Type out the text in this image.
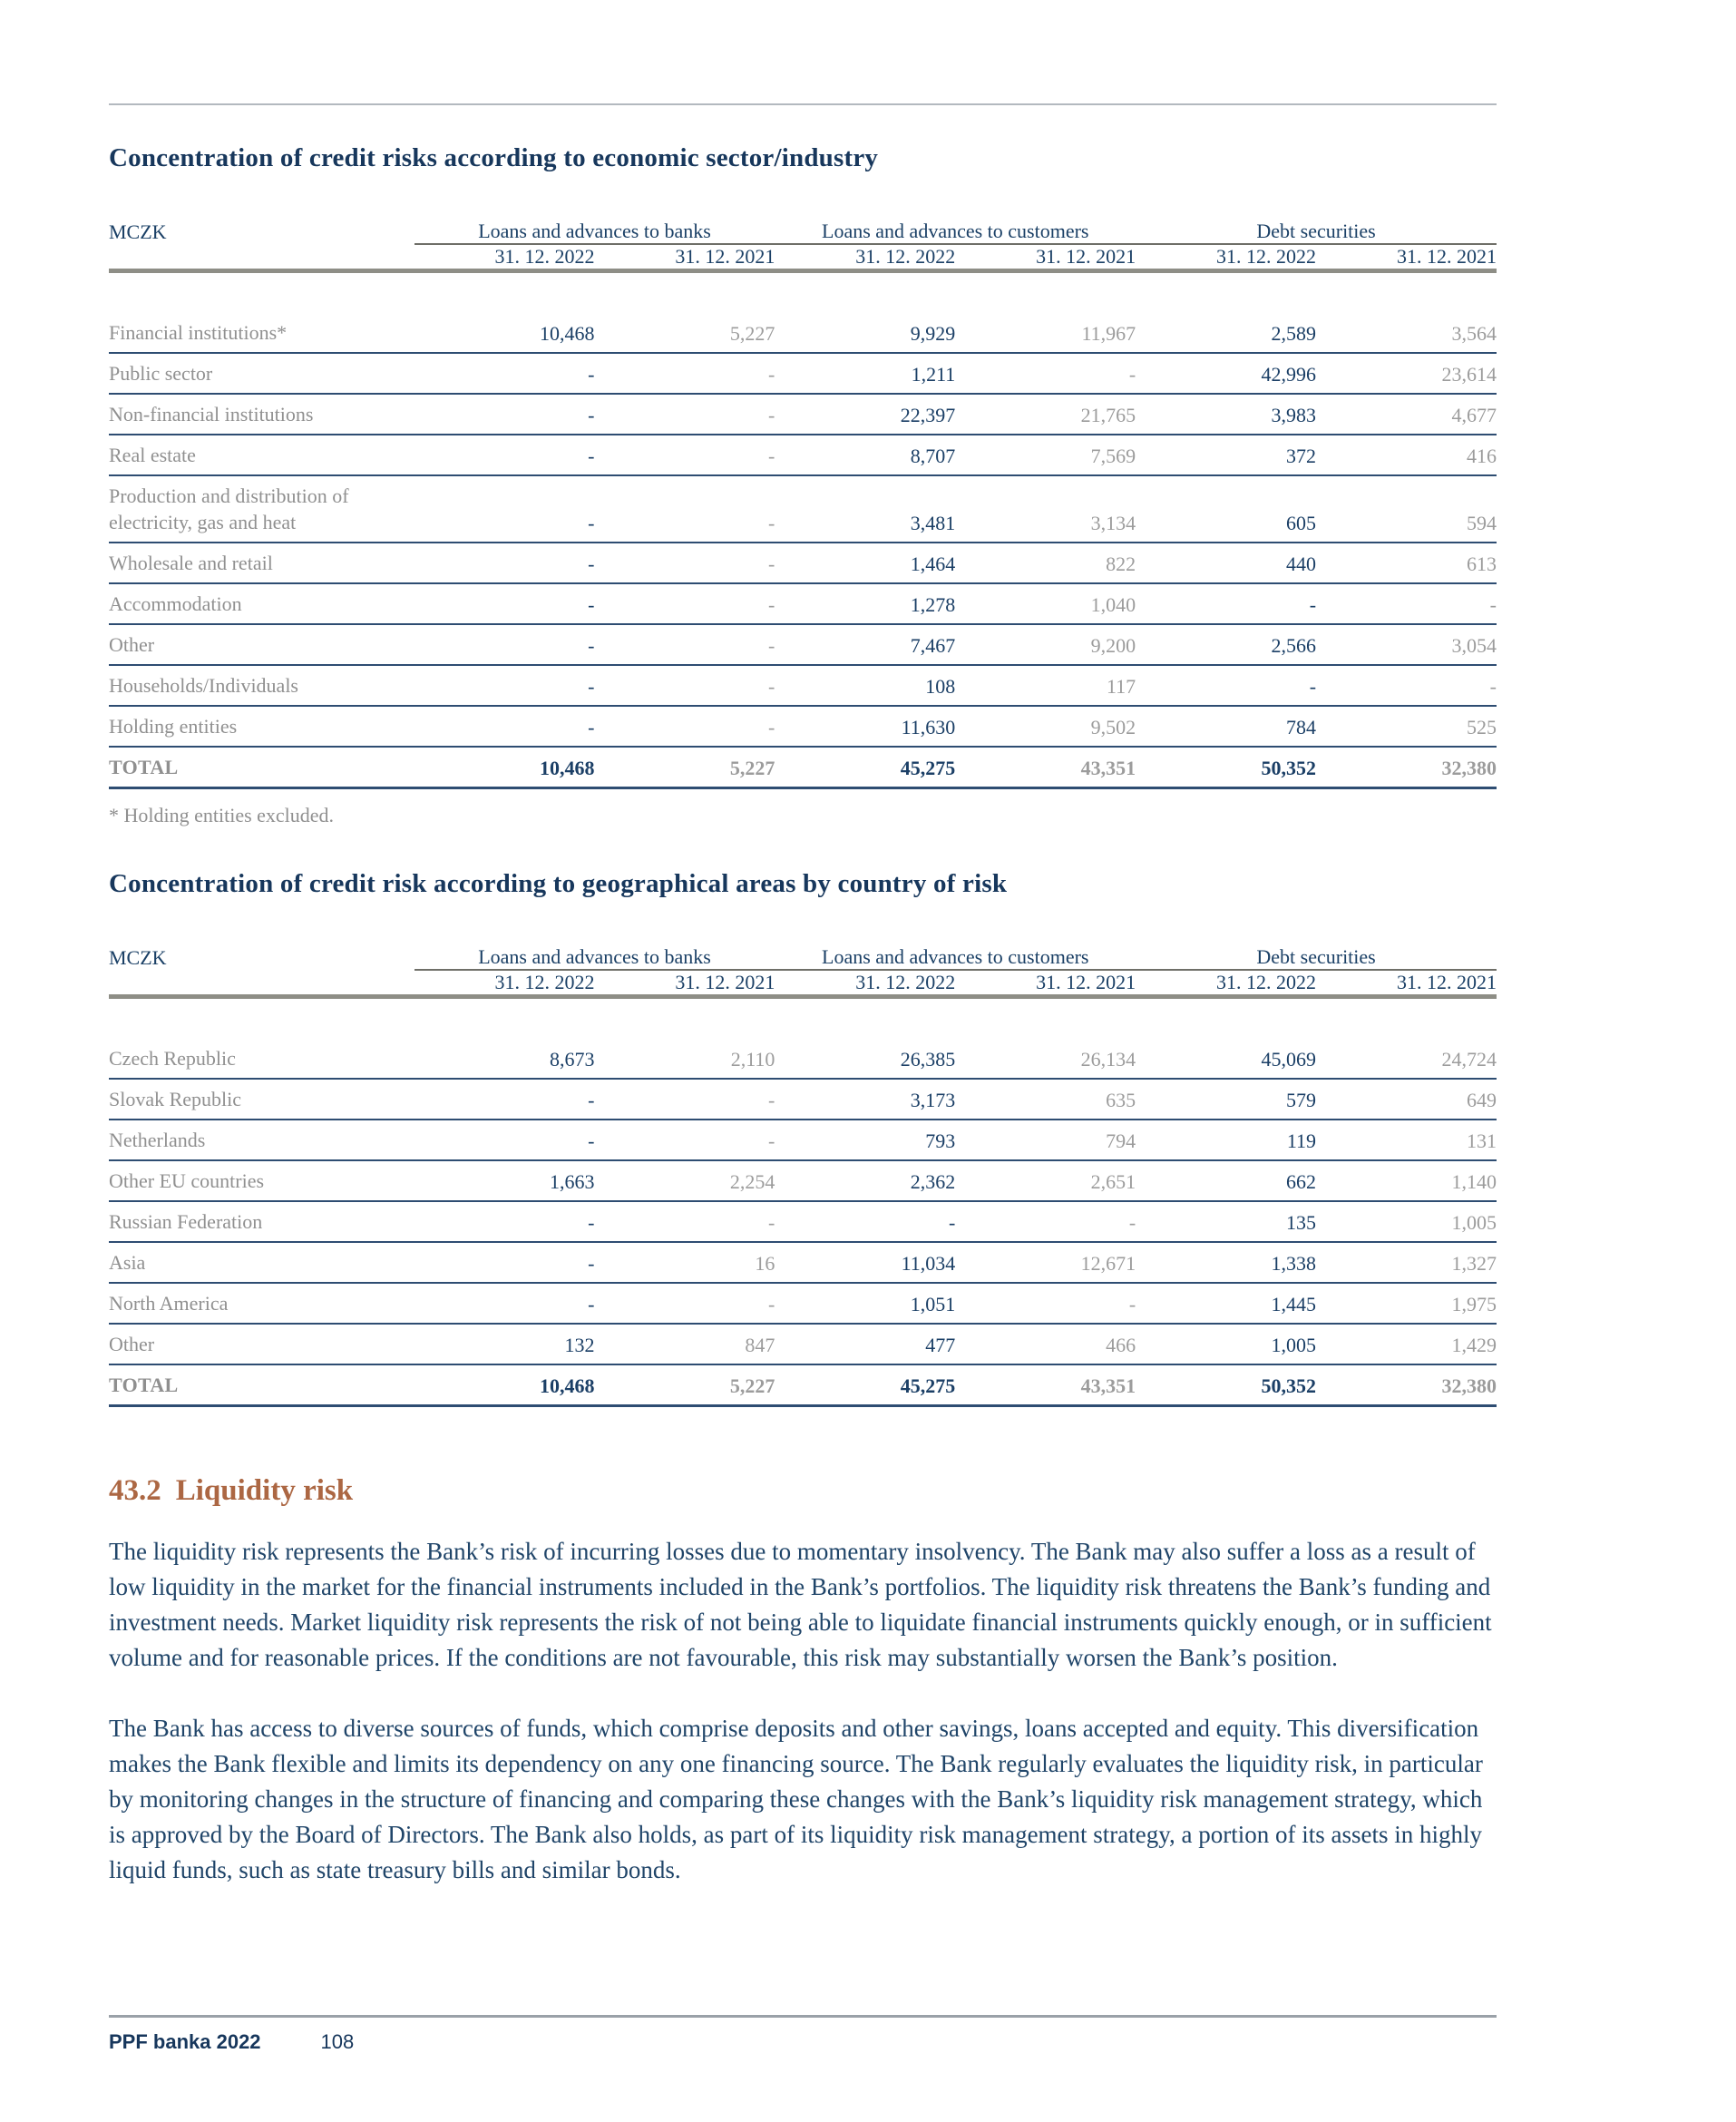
Concentration of credit risks according to economic sector/industry
MCZK	Loans and advances to banks		Loans and advances to customers		Debt securities	
	31. 12. 2022	31. 12. 2021	31. 12. 2022	31. 12. 2021	31. 12. 2022	31. 12. 2021

Financial institutions*	10,468	5,227	9,929	11,967	2,589	3,564
Public sector	-	-	1,211	-	42,996	23,614
Non-financial institutions	-	-	22,397	21,765	3,983	4,677
Real estate	-	-	8,707	7,569	372	416
Production and distribution of electricity, gas and heat	-	-	3,481	3,134	605	594
Wholesale and retail	-	-	1,464	822	440	613
Accommodation	-	-	1,278	1,040	-	-
Other	-	-	7,467	9,200	2,566	3,054
Households/Individuals	-	-	108	117	-	-
Holding entities	-	-	11,630	9,502	784	525
TOTAL	10,468	5,227	45,275	43,351	50,352	32,380

* Holding entities excluded.

Concentration of credit risk according to geographical areas by country of risk
MCZK	Loans and advances to banks		Loans and advances to customers		Debt securities	
	31. 12. 2022	31. 12. 2021	31. 12. 2022	31. 12. 2021	31. 12. 2022	31. 12. 2021

Czech Republic	8,673	2,110	26,385	26,134	45,069	24,724
Slovak Republic	-	-	3,173	635	579	649
Netherlands	-	-	793	794	119	131
Other EU countries	1,663	2,254	2,362	2,651	662	1,140
Russian Federation	-	-	-	-	135	1,005
Asia	-	16	11,034	12,671	1,338	1,327
North America	-	-	1,051	-	1,445	1,975
Other	132	847	477	466	1,005	1,429
TOTAL	10,468	5,227	45,275	43,351	50,352	32,380
43.2 Liquidity risk

The liquidity risk represents the Bank’s risk of incurring losses due to momentary insolvency. The Bank may also suffer a loss as a result of low liquidity in the market for the financial instruments included in the Bank’s portfolios. The liquidity risk threatens the Bank’s funding and investment needs. Market liquidity risk represents the risk of not being able to liquidate financial instruments quickly enough, or in sufficient volume and for reasonable prices. If the conditions are not favourable, this risk may substantially worsen the Bank’s position.

The Bank has access to diverse sources of funds, which comprise deposits and other savings, loans accepted and equity. This diversification makes the Bank flexible and limits its dependency on any one financing source. The Bank regularly evaluates the liquidity risk, in particular by monitoring changes in the structure of financing and comparing these changes with the Bank’s liquidity risk management strategy, which is approved by the Board of Directors. The Bank also holds, as part of its liquidity risk management strategy, a portion of its assets in highly liquid funds, such as state treasury bills and similar bonds.

PPF banka 2022	108
